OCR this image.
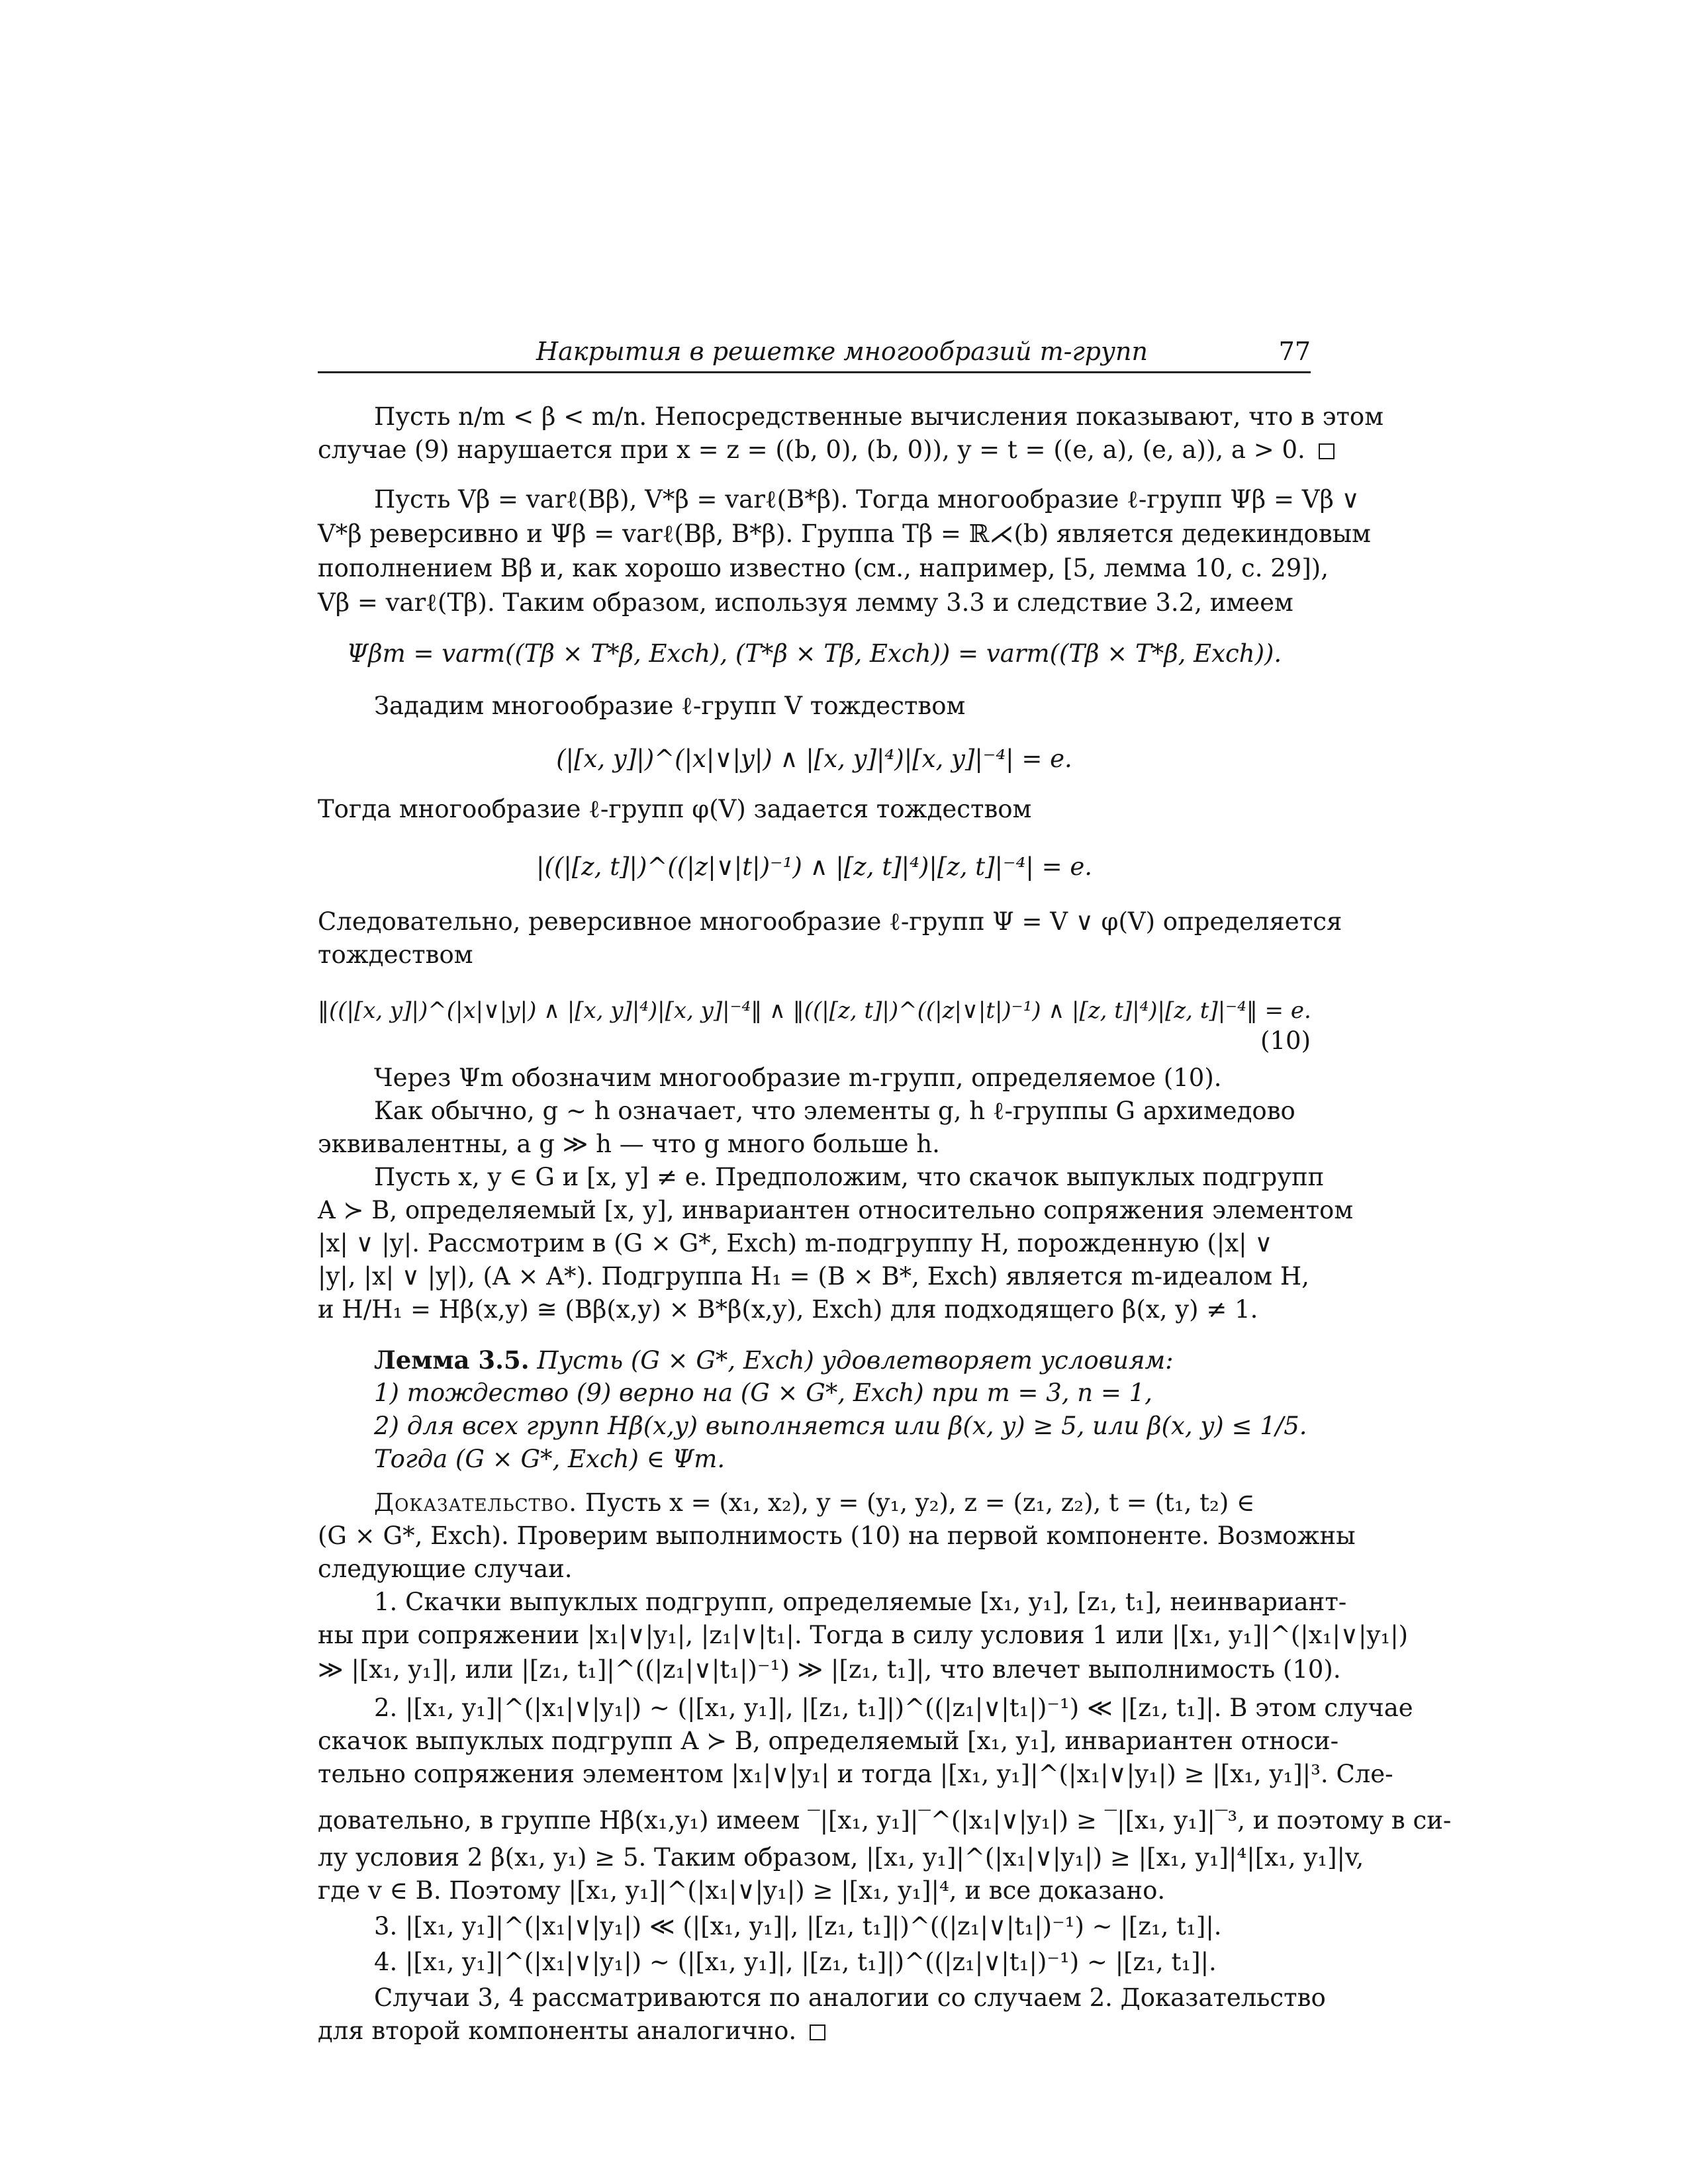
Накрытия в решетке многообразий m-групп	77
Пусть n/m < β < m/n. Непосредственные вычисления показывают, что в этом
случае (9) нарушается при x = z = ((b, 0), (b, 0)), y = t = ((e, a), (e, a)), a > 0.
Пусть Vβ = varℓ(Bβ), V*β = varℓ(B*β). Тогда многообразие ℓ-групп Ψβ = Vβ ∨
V*β реверсивно и Ψβ = varℓ(Bβ, B*β). Группа Tβ = ℝ⋌(b) является дедекиндовым
пополнением Bβ и, как хорошо известно (см., например, [5, лемма 10, с. 29]),
Vβ = varℓ(Tβ). Таким образом, используя лемму 3.3 и следствие 3.2, имеем
Ψβm = varm((Tβ × T*β, Exch), (T*β × Tβ, Exch)) = varm((Tβ × T*β, Exch)).
Зададим многообразие ℓ-групп V тождеством
(|[x, y]|)^(|x|∨|y|) ∧ |[x, y]|⁴)|[x, y]|⁻⁴| = e.
Тогда многообразие ℓ-групп φ(V) задается тождеством
|((|[z, t]|)^((|z|∨|t|)⁻¹) ∧ |[z, t]|⁴)|[z, t]|⁻⁴| = e.
Следовательно, реверсивное многообразие ℓ-групп Ψ = V ∨ φ(V) определяется
тождеством
‖((|[x, y]|)^(|x|∨|y|) ∧ |[x, y]|⁴)|[x, y]|⁻⁴‖ ∧ ‖((|[z, t]|)^((|z|∨|t|)⁻¹) ∧ |[z, t]|⁴)|[z, t]|⁻⁴‖ = e.
(10)
Через Ψm обозначим многообразие m-групп, определяемое (10).
Как обычно, g ∼ h означает, что элементы g, h ℓ-группы G архимедово
эквивалентны, а g ≫ h — что g много больше h.
Пусть x, y ∈ G и [x, y] ≠ e. Предположим, что скачок выпуклых подгрупп
A ≻ B, определяемый [x, y], инвариантен относительно сопряжения элементом
|x| ∨ |y|. Рассмотрим в (G × G*, Exch) m-подгруппу H, порожденную (|x| ∨
|y|, |x| ∨ |y|), (A × A*). Подгруппа H₁ = (B × B*, Exch) является m-идеалом H,
и H/H₁ = Hβ(x,y) ≅ (Bβ(x,y) × B*β(x,y), Exch) для подходящего β(x, y) ≠ 1.
Лемма 3.5. Пусть (G × G*, Exch) удовлетворяет условиям:
1) тождество (9) верно на (G × G*, Exch) при m = 3, n = 1,
2) для всех групп Hβ(x,y) выполняется или β(x, y) ≥ 5, или β(x, y) ≤ 1/5.
Тогда (G × G*, Exch) ∈ Ψm.
Доказательство. Пусть x = (x₁, x₂), y = (y₁, y₂), z = (z₁, z₂), t = (t₁, t₂) ∈
(G × G*, Exch). Проверим выполнимость (10) на первой компоненте. Возможны
следующие случаи.
1. Скачки выпуклых подгрупп, определяемые [x₁, y₁], [z₁, t₁], неинвариант-
ны при сопряжении |x₁|∨|y₁|, |z₁|∨|t₁|. Тогда в силу условия 1 или |[x₁, y₁]|^(|x₁|∨|y₁|)
≫ |[x₁, y₁]|, или |[z₁, t₁]|^((|z₁|∨|t₁|)⁻¹) ≫ |[z₁, t₁]|, что влечет выполнимость (10).
2. |[x₁, y₁]|^(|x₁|∨|y₁|) ∼ (|[x₁, y₁]|, |[z₁, t₁]|)^((|z₁|∨|t₁|)⁻¹) ≪ |[z₁, t₁]|. В этом случае
скачок выпуклых подгрупп A ≻ B, определяемый [x₁, y₁], инвариантен относи-
тельно сопряжения элементом |x₁|∨|y₁| и тогда |[x₁, y₁]|^(|x₁|∨|y₁|) ≥ |[x₁, y₁]|³. Сле-
довательно, в группе Hβ(x₁,y₁) имеем ‾|[x₁, y₁]|‾^(|x₁|∨|y₁|) ≥ ‾|[x₁, y₁]|‾³, и поэтому в си-
лу условия 2 β(x₁, y₁) ≥ 5. Таким образом, |[x₁, y₁]|^(|x₁|∨|y₁|) ≥ |[x₁, y₁]|⁴|[x₁, y₁]|v,
где v ∈ B. Поэтому |[x₁, y₁]|^(|x₁|∨|y₁|) ≥ |[x₁, y₁]|⁴, и все доказано.
3. |[x₁, y₁]|^(|x₁|∨|y₁|) ≪ (|[x₁, y₁]|, |[z₁, t₁]|)^((|z₁|∨|t₁|)⁻¹) ∼ |[z₁, t₁]|.
4. |[x₁, y₁]|^(|x₁|∨|y₁|) ∼ (|[x₁, y₁]|, |[z₁, t₁]|)^((|z₁|∨|t₁|)⁻¹) ∼ |[z₁, t₁]|.
Случаи 3, 4 рассматриваются по аналогии со случаем 2. Доказательство
для второй компоненты аналогично.
